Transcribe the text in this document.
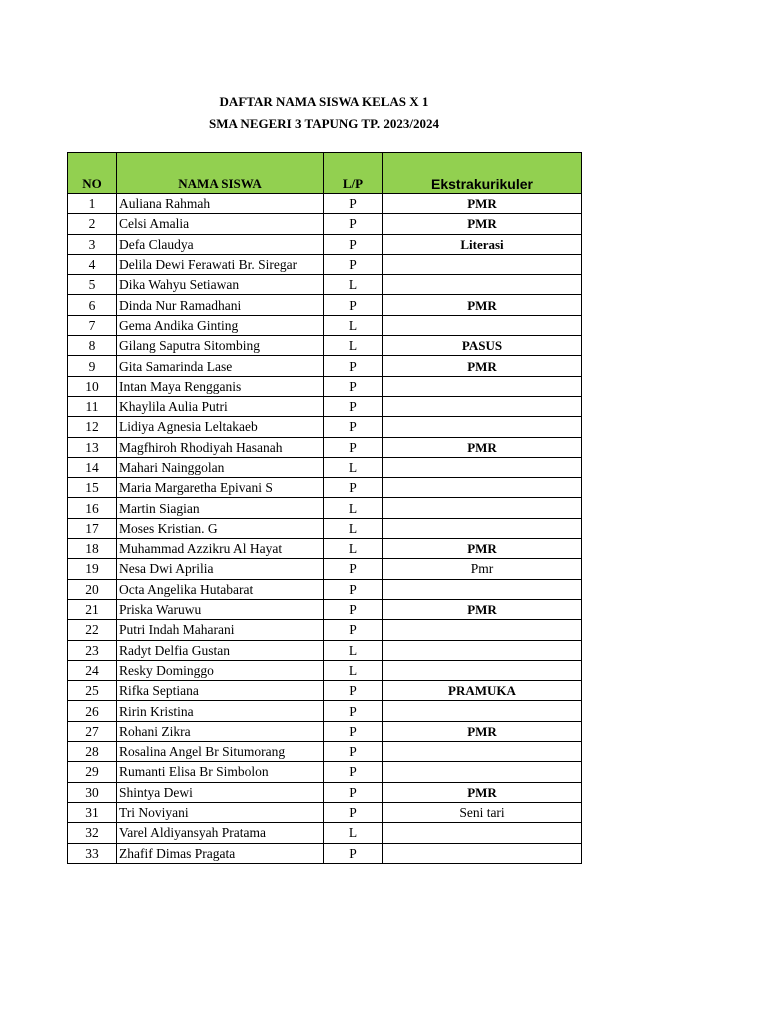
DAFTAR NAMA SISWA KELAS X 1
SMA NEGERI 3 TAPUNG TP. 2023/2024
NO	NAMA SISWA	L/P	Ekstrakurikuler
1	Auliana Rahmah	P	PMR
2	Celsi Amalia	P	PMR
3	Defa Claudya	P	Literasi
4	Delila Dewi Ferawati Br. Siregar	P	
5	Dika Wahyu Setiawan	L	
6	Dinda Nur Ramadhani	P	PMR
7	Gema Andika Ginting	L	
8	Gilang Saputra Sitombing	L	PASUS
9	Gita Samarinda Lase	P	PMR
10	Intan Maya Rengganis	P	
11	Khaylila Aulia Putri	P	
12	Lidiya Agnesia Leltakaeb	P	
13	Magfhiroh Rhodiyah Hasanah	P	PMR
14	Mahari Nainggolan	L	
15	Maria Margaretha Epivani S	P	
16	Martin Siagian	L	
17	Moses Kristian. G	L	
18	Muhammad Azzikru Al Hayat	L	PMR
19	Nesa Dwi Aprilia	P	Pmr
20	Octa Angelika Hutabarat	P	
21	Priska Waruwu	P	PMR
22	Putri Indah Maharani	P	
23	Radyt Delfia Gustan	L	
24	Resky Dominggo	L	
25	Rifka Septiana	P	PRAMUKA
26	Ririn Kristina	P	
27	Rohani Zikra	P	PMR
28	Rosalina Angel Br Situmorang	P	
29	Rumanti Elisa Br Simbolon	P	
30	Shintya Dewi	P	PMR
31	Tri Noviyani	P	Seni tari
32	Varel Aldiyansyah Pratama	L	
33	Zhafif Dimas Pragata	P	
